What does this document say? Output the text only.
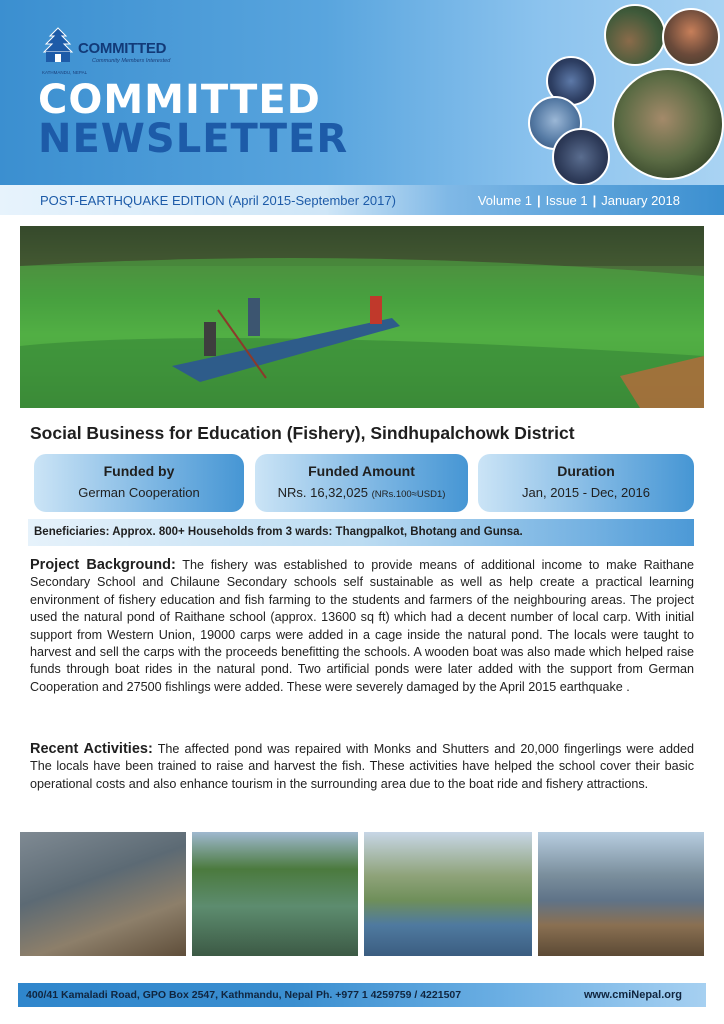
COMMITTED
Community Members Interested
KATHMANDU, NEPAL
COMMITTED
NEWSLETTER
POST-EARTHQUAKE EDITION (April 2015-September 2017)	Volume 1 | Issue 1 | January 2018
Social Business for Education (Fishery), Sindhupalchowk District
Funded by
German Cooperation
Funded Amount
NRs. 16,32,025 (NRs.100≈USD1)
Duration
Jan, 2015 - Dec, 2016
Beneficiaries: Approx. 800+ Households from 3 wards: Thangpalkot, Bhotang and Gunsa.

Project Background: The fishery was established to provide means of additional income to make Raithane Secondary School and Chilaune Secondary schools self sustainable as well as help create a practical learning environment of fishery education and fish farming to the students and farmers of the neighbouring areas. The project used the natural pond of Raithane school (approx. 13600 sq ft) which had a decent number of local carp. With initial support from Western Union, 19000 carps were added in a cage inside the natural pond. The locals were taught to harvest and sell the carps with the proceeds benefitting the schools. A wooden boat was also made which helped raise funds through boat rides in the natural pond. Two artificial ponds were later added with the support from German Cooperation and 27500 fishlings were added. These were severely damaged by the April 2015 earthquake .

Recent Activities: The affected pond was repaired with Monks and Shutters and 20,000 fingerlings were added The locals have been trained to raise and harvest the fish. These activities have helped the school cover their basic operational costs and also enhance tourism in the surrounding area due to the boat ride and fishery attractions.

400/41 Kamaladi Road, GPO Box 2547, Kathmandu, Nepal Ph. +977 1 4259759 / 4221507	www.cmiNepal.org
